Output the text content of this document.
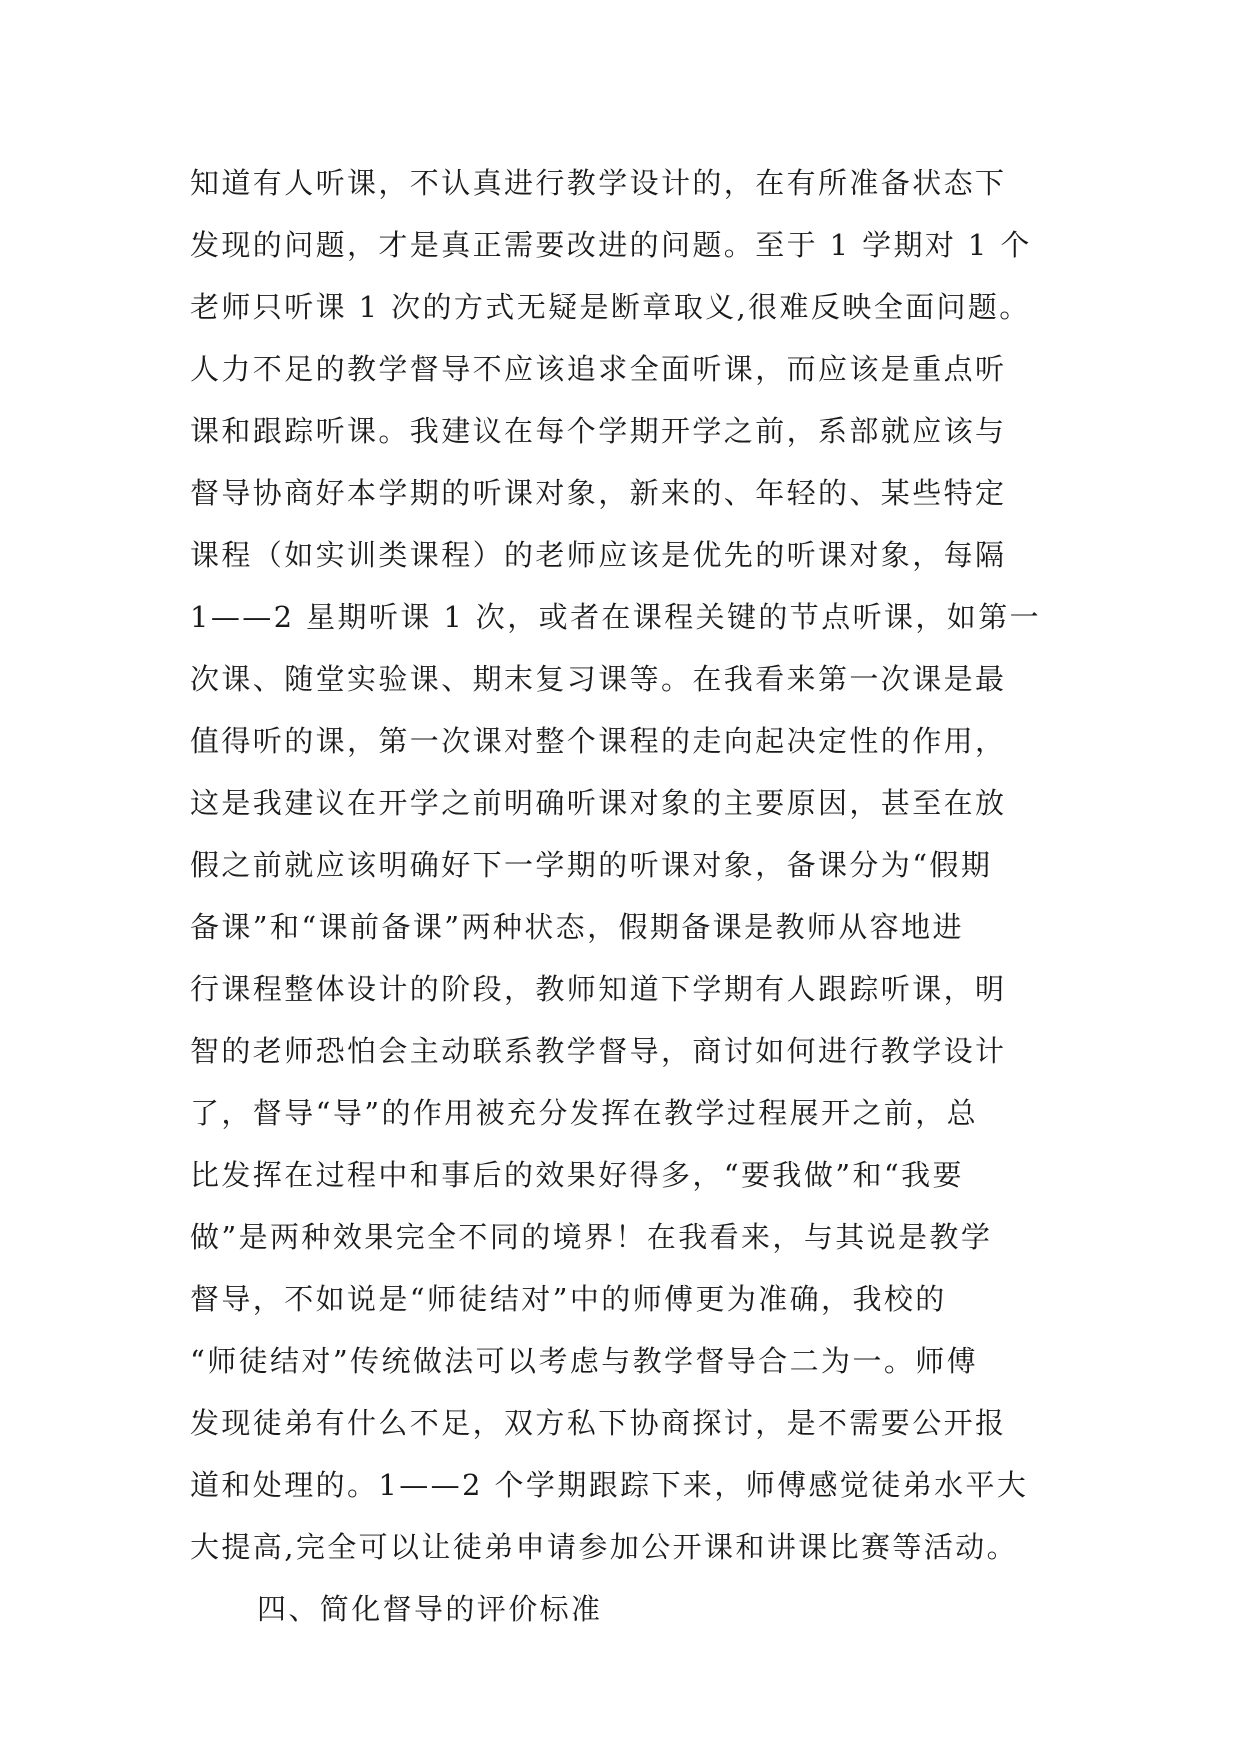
知道有人听课，不认真进行教学设计的，在有所准备状态下
发现的问题，才是真正需要改进的问题。至于 1 学期对 1 个
老师只听课 1 次的方式无疑是断章取义,很难反映全面问题。
人力不足的教学督导不应该追求全面听课，而应该是重点听
课和跟踪听课。我建议在每个学期开学之前，系部就应该与
督导协商好本学期的听课对象，新来的、年轻的、某些特定
课程（如实训类课程）的老师应该是优先的听课对象，每隔
1——2 星期听课 1 次，或者在课程关键的节点听课，如第一
次课、随堂实验课、期末复习课等。在我看来第一次课是最
值得听的课，第一次课对整个课程的走向起决定性的作用，
这是我建议在开学之前明确听课对象的主要原因，甚至在放
假之前就应该明确好下一学期的听课对象，备课分为“假期
备课”和“课前备课”两种状态，假期备课是教师从容地进
行课程整体设计的阶段，教师知道下学期有人跟踪听课，明
智的老师恐怕会主动联系教学督导，商讨如何进行教学设计
了，督导“导”的作用被充分发挥在教学过程展开之前，总
比发挥在过程中和事后的效果好得多，“要我做”和“我要
做”是两种效果完全不同的境界！在我看来，与其说是教学
督导，不如说是“师徒结对”中的师傅更为准确，我校的
“师徒结对”传统做法可以考虑与教学督导合二为一。师傅
发现徒弟有什么不足，双方私下协商探讨，是不需要公开报
道和处理的。1——2 个学期跟踪下来，师傅感觉徒弟水平大
大提高,完全可以让徒弟申请参加公开课和讲课比赛等活动。
四、简化督导的评价标准
